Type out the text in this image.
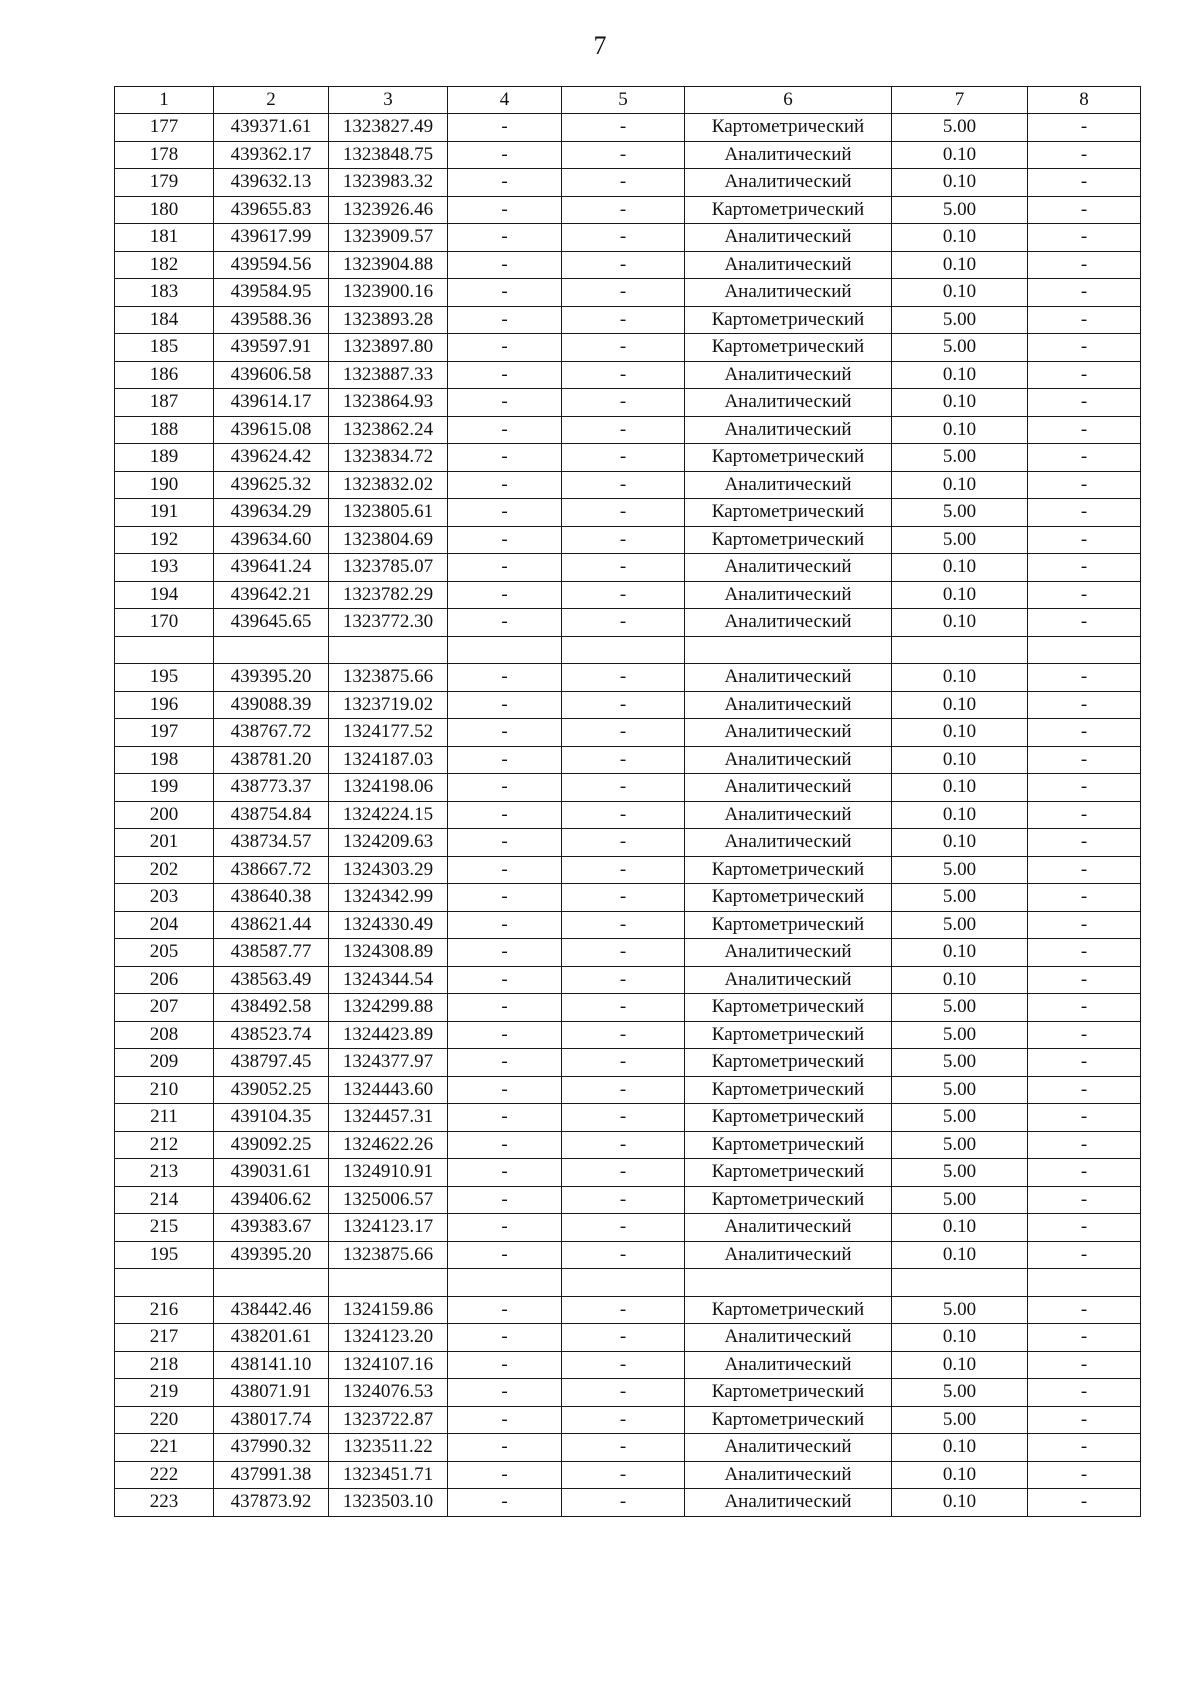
7
1	2	3	4	5	6	7	8
177	439371.61	1323827.49	-	-	Картометрический	5.00	-
178	439362.17	1323848.75	-	-	Аналитический	0.10	-
179	439632.13	1323983.32	-	-	Аналитический	0.10	-
180	439655.83	1323926.46	-	-	Картометрический	5.00	-
181	439617.99	1323909.57	-	-	Аналитический	0.10	-
182	439594.56	1323904.88	-	-	Аналитический	0.10	-
183	439584.95	1323900.16	-	-	Аналитический	0.10	-
184	439588.36	1323893.28	-	-	Картометрический	5.00	-
185	439597.91	1323897.80	-	-	Картометрический	5.00	-
186	439606.58	1323887.33	-	-	Аналитический	0.10	-
187	439614.17	1323864.93	-	-	Аналитический	0.10	-
188	439615.08	1323862.24	-	-	Аналитический	0.10	-
189	439624.42	1323834.72	-	-	Картометрический	5.00	-
190	439625.32	1323832.02	-	-	Аналитический	0.10	-
191	439634.29	1323805.61	-	-	Картометрический	5.00	-
192	439634.60	1323804.69	-	-	Картометрический	5.00	-
193	439641.24	1323785.07	-	-	Аналитический	0.10	-
194	439642.21	1323782.29	-	-	Аналитический	0.10	-
170	439645.65	1323772.30	-	-	Аналитический	0.10	-

195	439395.20	1323875.66	-	-	Аналитический	0.10	-
196	439088.39	1323719.02	-	-	Аналитический	0.10	-
197	438767.72	1324177.52	-	-	Аналитический	0.10	-
198	438781.20	1324187.03	-	-	Аналитический	0.10	-
199	438773.37	1324198.06	-	-	Аналитический	0.10	-
200	438754.84	1324224.15	-	-	Аналитический	0.10	-
201	438734.57	1324209.63	-	-	Аналитический	0.10	-
202	438667.72	1324303.29	-	-	Картометрический	5.00	-
203	438640.38	1324342.99	-	-	Картометрический	5.00	-
204	438621.44	1324330.49	-	-	Картометрический	5.00	-
205	438587.77	1324308.89	-	-	Аналитический	0.10	-
206	438563.49	1324344.54	-	-	Аналитический	0.10	-
207	438492.58	1324299.88	-	-	Картометрический	5.00	-
208	438523.74	1324423.89	-	-	Картометрический	5.00	-
209	438797.45	1324377.97	-	-	Картометрический	5.00	-
210	439052.25	1324443.60	-	-	Картометрический	5.00	-
211	439104.35	1324457.31	-	-	Картометрический	5.00	-
212	439092.25	1324622.26	-	-	Картометрический	5.00	-
213	439031.61	1324910.91	-	-	Картометрический	5.00	-
214	439406.62	1325006.57	-	-	Картометрический	5.00	-
215	439383.67	1324123.17	-	-	Аналитический	0.10	-
195	439395.20	1323875.66	-	-	Аналитический	0.10	-

216	438442.46	1324159.86	-	-	Картометрический	5.00	-
217	438201.61	1324123.20	-	-	Аналитический	0.10	-
218	438141.10	1324107.16	-	-	Аналитический	0.10	-
219	438071.91	1324076.53	-	-	Картометрический	5.00	-
220	438017.74	1323722.87	-	-	Картометрический	5.00	-
221	437990.32	1323511.22	-	-	Аналитический	0.10	-
222	437991.38	1323451.71	-	-	Аналитический	0.10	-
223	437873.92	1323503.10	-	-	Аналитический	0.10	-
